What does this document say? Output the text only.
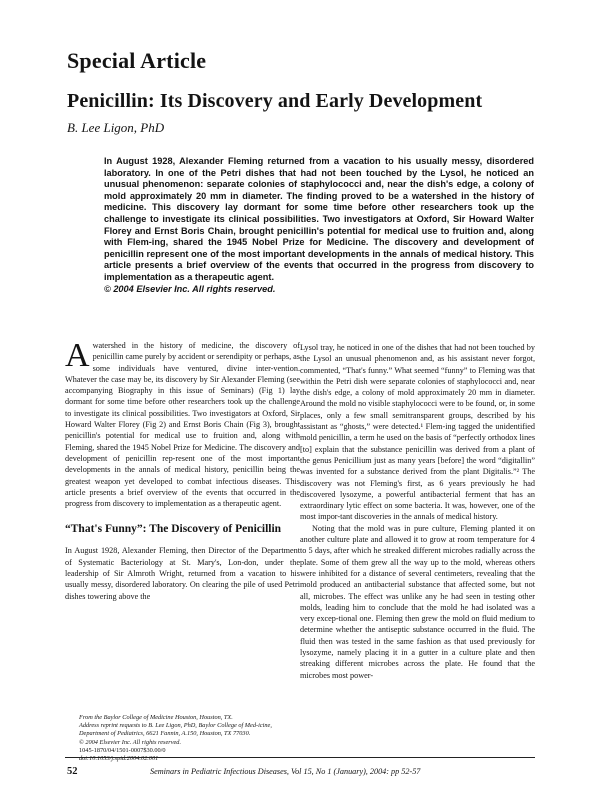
Special Article
Penicillin: Its Discovery and Early Development
B. Lee Ligon, PhD
In August 1928, Alexander Fleming returned from a vacation to his usually messy, disordered laboratory. In one of the Petri dishes that had not been touched by the Lysol, he noticed an unusual phenomenon: separate colonies of staphylococci and, near the dish's edge, a colony of mold approximately 20 mm in diameter. The finding proved to be a watershed in the history of medicine. This discovery lay dormant for some time before other researchers took up the challenge to investigate its clinical possibilities. Two investigators at Oxford, Sir Howard Walter Florey and Ernst Boris Chain, brought penicillin's potential for medical use to fruition and, along with Flem-ing, shared the 1945 Nobel Prize for Medicine. The discovery and development of penicillin represent one of the most important developments in the annals of medical history. This article presents a brief overview of the events that occurred in the progress from discovery to implementation as a therapeutic agent.
© 2004 Elsevier Inc. All rights reserved.

Awatershed in the history of medicine, the discovery of penicillin came purely by accident or serendipity or perhaps, as some individuals have ventured, divine inter-vention. Whatever the case may be, its discovery by Sir Alexander Fleming (see accompanying Biography in this issue of Seminars) (Fig 1) lay dormant for some time before other researchers took up the challenge to investigate its clinical possibilities. Two investigators at Oxford, Sir Howard Walter Florey (Fig 2) and Ernst Boris Chain (Fig 3), brought penicillin's potential for medical use to fruition and, along with Fleming, shared the 1945 Nobel Prize for Medicine. The discovery and development of penicillin rep-resent one of the most important developments in the annals of medical history, penicillin being the greatest weapon yet developed to combat infectious diseases. This article presents a brief overview of the events that occurred in the progress from discovery to implementation as a therapeutic agent.

“That's Funny”: The Discovery of Penicillin

In August 1928, Alexander Fleming, then Director of the Department of Systematic Bacteriology at St. Mary's, Lon-don, under the leadership of Sir Almroth Wright, returned from a vacation to his usually messy, disordered laboratory. On clearing the pile of used Petri dishes towering above the

From the Baylor College of Medicine Houston, Houston, TX.

Address reprint requests to B. Lee Ligon, PhD, Baylor College of Med-icine, Department of Pediatrics, 6621 Fannin, A.150, Houston, TX 77030.

© 2004 Elsevier Inc. All rights reserved.

1045-1870/04/1501-0007$30.00/0

doi:10.1053/j.spid.2004.02.001

Lysol tray, he noticed in one of the dishes that had not been touched by the Lysol an unusual phenomenon and, as his assistant never forgot, commented, “That's funny.” What seemed “funny” to Fleming was that within the Petri dish were separate colonies of staphylococci and, near the dish's edge, a colony of mold approximately 20 mm in diameter. Around the mold no visible staphylococci were to be found, or, in some places, only a few small semitransparent groups, described by his assistant as “ghosts,” were detected.¹ Flem-ing tagged the unidentified mold penicillin, a term he used on the basis of “perfectly orthodox lines [to] explain that the substance penicillin was derived from a plant of the genus Penicillium just as many years [before] the word “digitallin” was invented for a substance derived from the plant Digitalis.”² The discovery was not Fleming's first, as 6 years previously he had discovered lysozyme, a powerful antibacterial ferment that has an extraordinary lytic effect on some bacteria. It was, however, one of the most impor-tant discoveries in the annals of medical history.

Noting that the mold was in pure culture, Fleming planted it on another culture plate and allowed it to grow at room temperature for 4 to 5 days, after which he streaked different microbes radially across the plate. Some of them grew all the way up to the mold, whereas others were inhibited for a distance of several centimeters, revealing that the mold produced an antibacterial substance that affected some, but not all, microbes. The effect was unlike any he had seen in testing other molds, leading him to conclude that the mold he had isolated was a very excep-tional one. Fleming then grew the mold on fluid medium to determine whether the antiseptic substance occurred in the fluid. The fluid then was tested in the same fashion as that used previously for lysozyme, namely placing it in a gutter in a culture plate and then streaking different microbes across the plate. He found that the microbes most power-

52	Seminars in Pediatric Infectious Diseases, Vol 15, No 1 (January), 2004: pp 52-57
